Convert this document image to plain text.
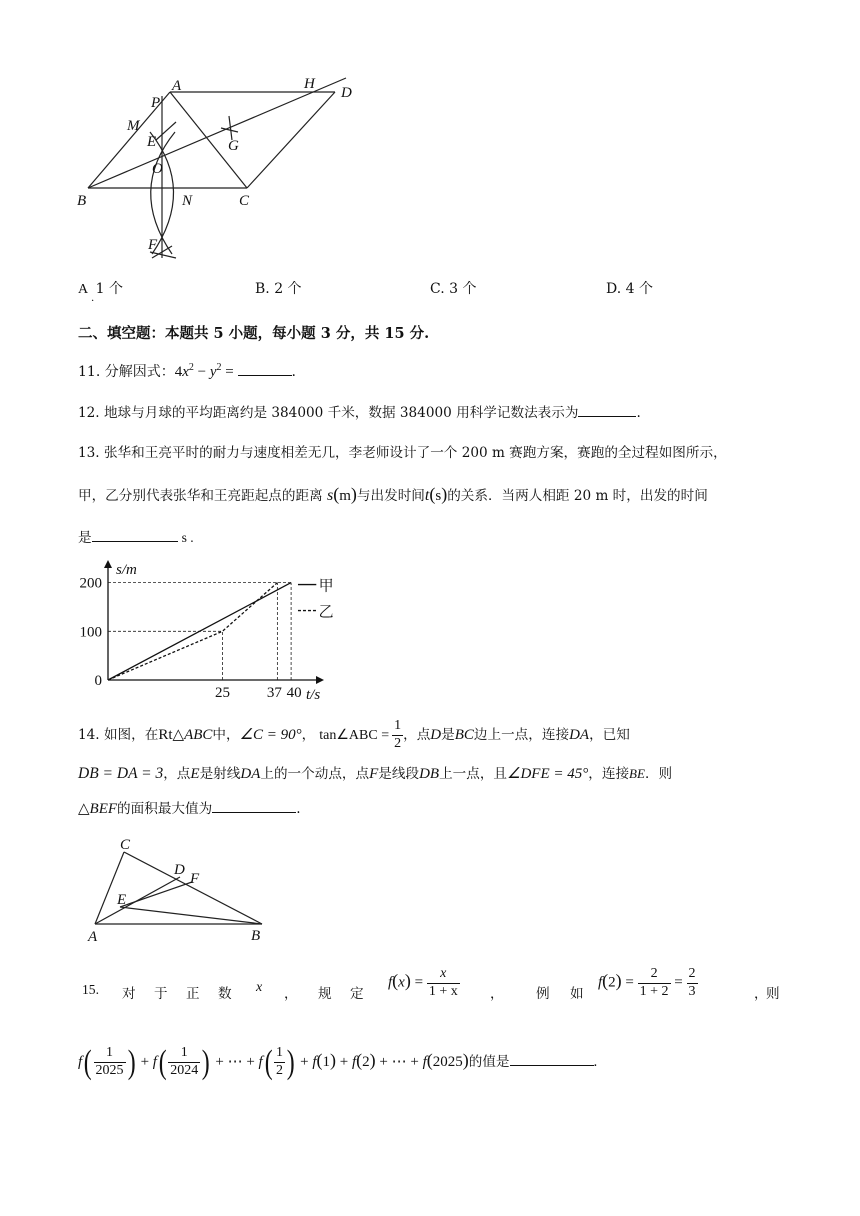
A	H
D
P
M
E	G
O
B	N	C
F
A . 1 个	B. 2 个	C. 3 个	D. 4 个
二、填空题：本题共 5 小题，每小题 3 分，共 15 分.
11. 分解因式：$4x^2 - y^2$ =	.
12. 地球与月球的平均距离约是 384000 千米，数据 384000 用科学记数法表示为	.
13. 张华和王亮平时的耐力与速度相差无几，李老师设计了一个 200 m 赛跑方案，赛跑的全过程如图所示，
甲，乙分别代表张华和王亮距起点的距离 s(m)与出发时间t(s)的关系．当两人相距 20 m 时，出发的时间
是	s .
0
100
200
25 37 40 t/s
s/m
甲
乙
14. 如图，在Rt△ABC中，∠C = 90°， tan∠ABC = $\frac{1}{2}$ ，点D是BC边上一点，连接DA，已知
DB = DA = 3，点E是射线DA上的一个动点，点F是线段DB上一点，且∠DFE = 45°，连接BE．则
△BEF的面积最大值为	.
C
D
F
E
A	B
15. 对 于 正 数 x ， 规 定
$f(x) = \frac{x}{1 + x}$ ， 例 如
$f(2) = \frac{2}{1 + 2} = \frac{2}{3}$	，
则
$f( \frac{1}{2025}$ ) + $f( \frac{1}{2024}$ ) + ⋯ + $f( \frac{1}{2}$ ) + f(1) + f(2) + ⋯ + f(2025)的值是	.
